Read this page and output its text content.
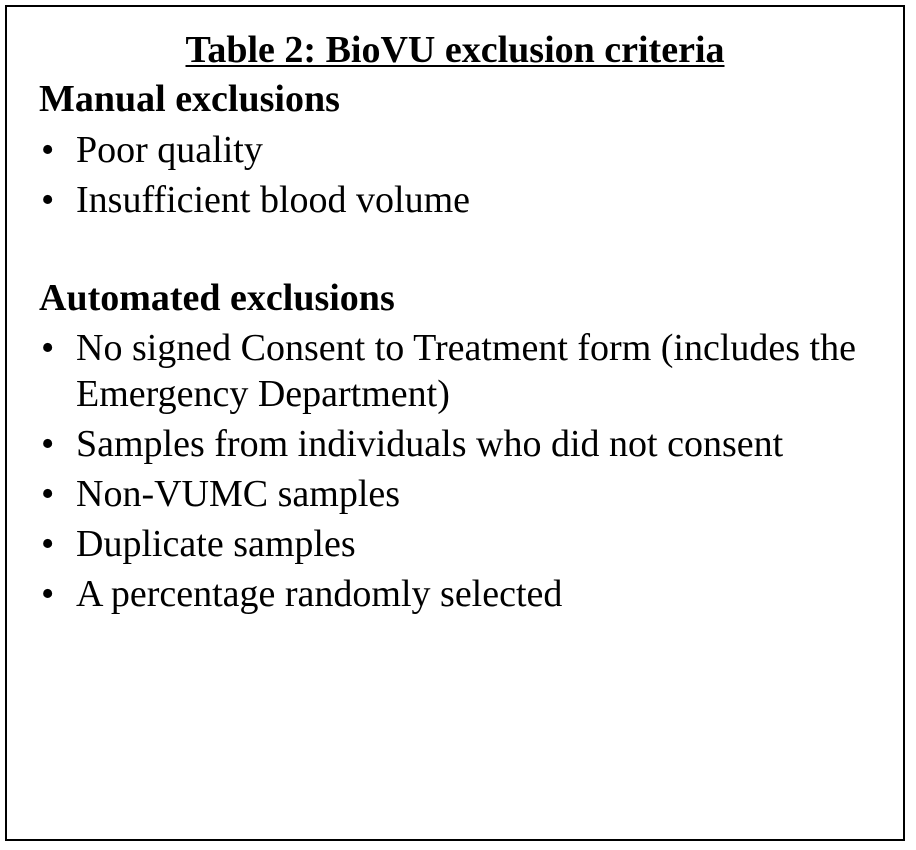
Table 2: BioVU exclusion criteria
Manual exclusions
• Poor quality
• Insufficient blood volume
Automated exclusions
• No signed Consent to Treatment form (includes the Emergency Department)
• Samples from individuals who did not consent
• Non-VUMC samples
• Duplicate samples
• A percentage randomly selected
